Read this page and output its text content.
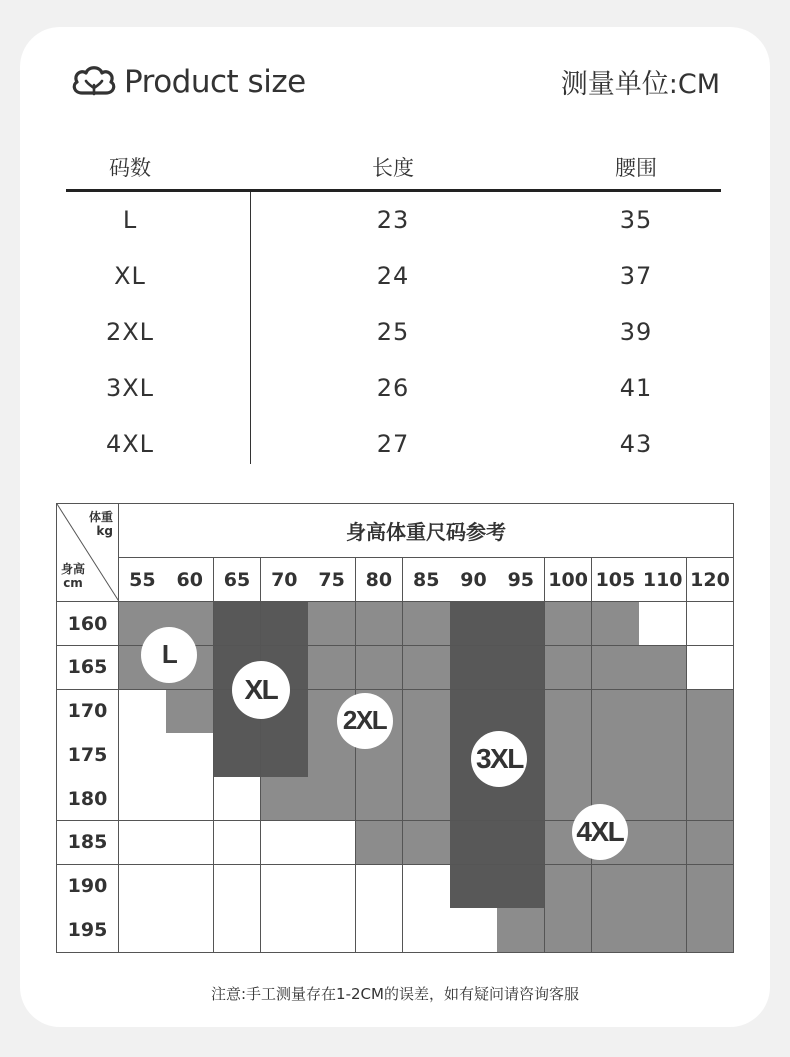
Product size	测量单位:CM
码数	长度	腰围
L	23	35
XL	24	37
2XL	25	39
3XL	26	41
4XL	27	43
体重
kg
身高
cm
身高体重尺码参考
55	60	65	70	75	80	85	90	95 100 105 110 120
160
165
170
175
180
185
190
195
L
XL
2XL
3XL
4XL
注意:手工测量存在1-2CM的误差，如有疑问请咨询客服
